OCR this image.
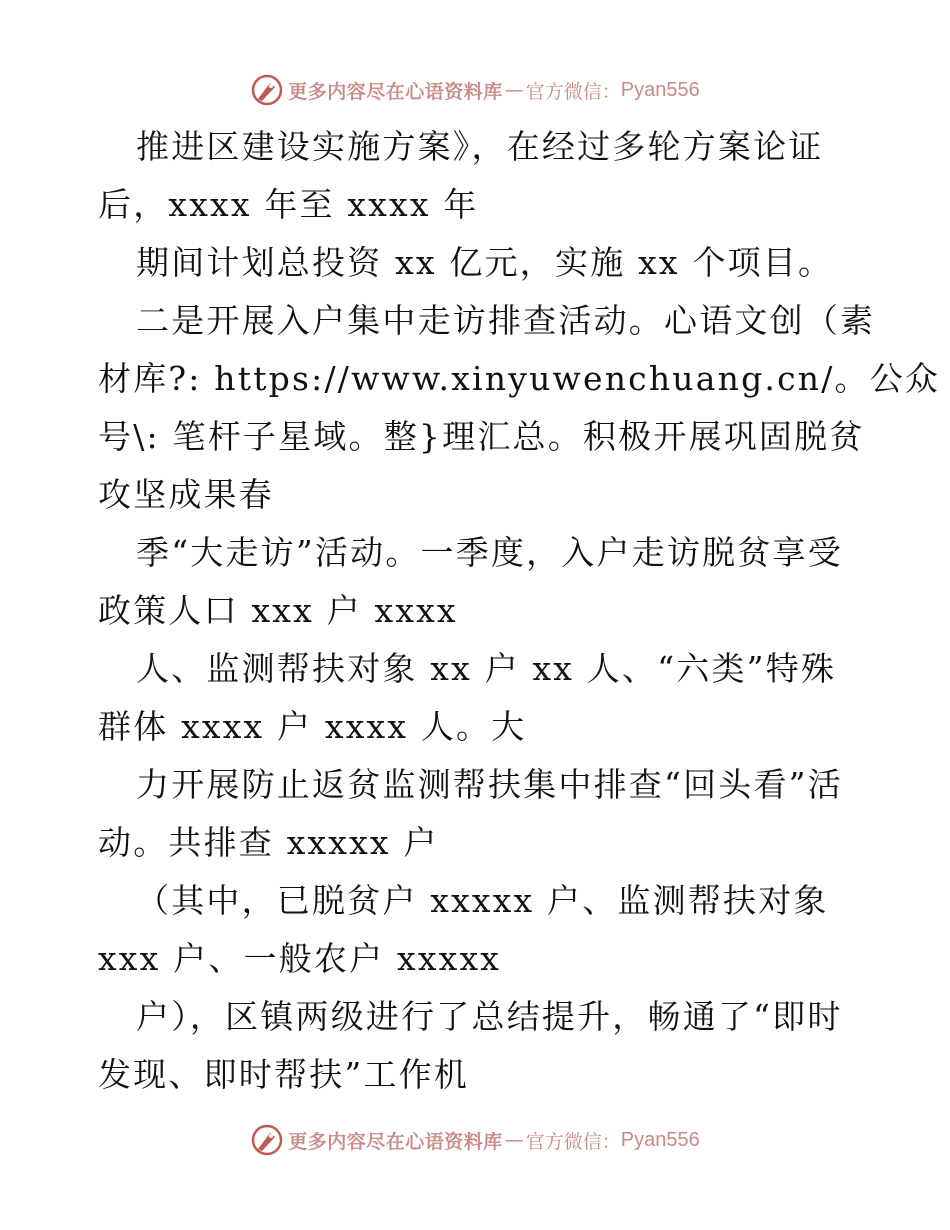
更多内容尽在心语资料库 — 官方微信： Pyan556
推进区建设实施方案》，在经过多轮方案论证
后，xxxx 年至 xxxx 年
期间计划总投资 xx 亿元，实施 xx 个项目。
二是开展入户集中走访排查活动。心语文创（素
材库?: https://www.xinyuwenchuang.cn/。公众
号\: 笔杆子星域。整}理汇总。积极开展巩固脱贫
攻坚成果春
季“大走访”活动。一季度，入户走访脱贫享受
政策人口 xxx 户 xxxx
人、监测帮扶对象 xx 户 xx 人、“六类”特殊
群体 xxxx 户 xxxx 人。大
力开展防止返贫监测帮扶集中排查“回头看”活
动。共排查 xxxxx 户
（其中，已脱贫户 xxxxx 户、监测帮扶对象
xxx 户、一般农户 xxxxx
户），区镇两级进行了总结提升，畅通了“即时
发现、即时帮扶”工作机
更多内容尽在心语资料库 — 官方微信： Pyan556
